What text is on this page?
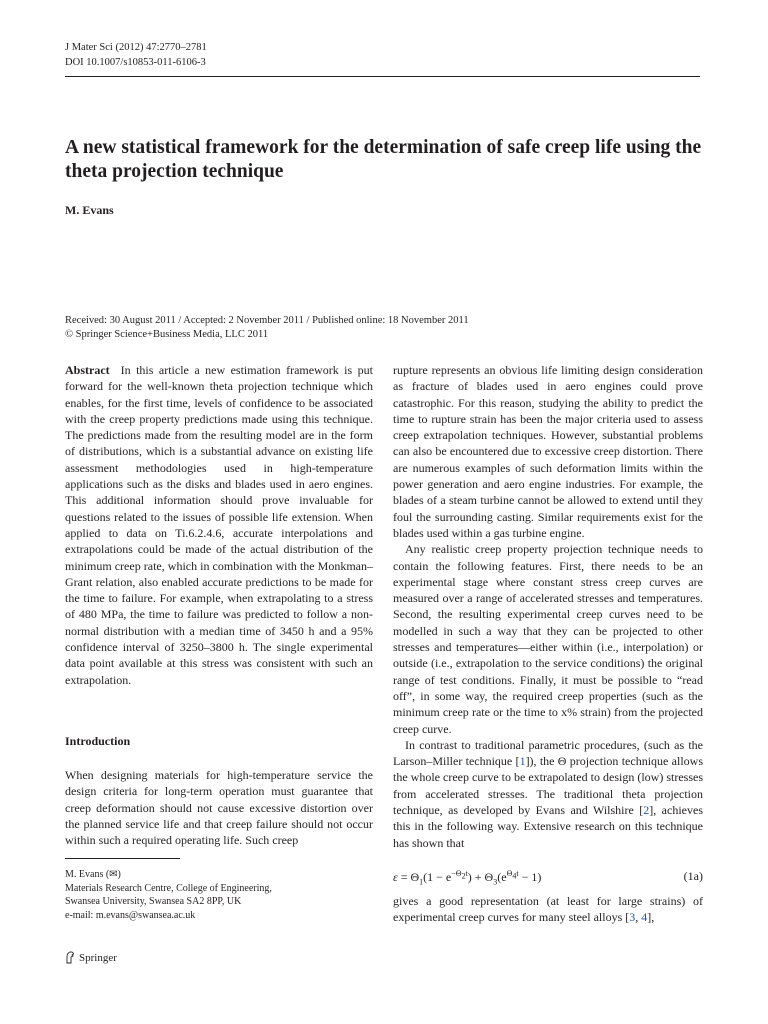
J Mater Sci (2012) 47:2770–2781
DOI 10.1007/s10853-011-6106-3
A new statistical framework for the determination of safe creep life using the theta projection technique
M. Evans
Received: 30 August 2011 / Accepted: 2 November 2011 / Published online: 18 November 2011
© Springer Science+Business Media, LLC 2011

Abstract In this article a new estimation framework is put forward for the well-known theta projection technique which enables, for the first time, levels of confidence to be associated with the creep property predictions made using this technique. The predictions made from the resulting model are in the form of distributions, which is a substantial advance on existing life assessment methodologies used in high-temperature applications such as the disks and blades used in aero engines. This additional information should prove invaluable for questions related to the issues of possible life extension. When applied to data on Ti.6.2.4.6, accurate interpolations and extrapolations could be made of the actual distribution of the minimum creep rate, which in combination with the Monkman–Grant relation, also enabled accurate predictions to be made for the time to failure. For example, when extrapolating to a stress of 480 MPa, the time to failure was predicted to follow a non-normal distribution with a median time of 3450 h and a 95% confidence interval of 3250–3800 h. The single experimental data point available at this stress was consistent with such an extrapolation.

Introduction

When designing materials for high-temperature service the design criteria for long-term operation must guarantee that creep deformation should not cause excessive distortion over the planned service life and that creep failure should not occur within such a required operating life. Such creep

M. Evans (✉)
Materials Research Centre, College of Engineering,
Swansea University, Swansea SA2 8PP, UK
e-mail: m.evans@swansea.ac.uk
Springer

rupture represents an obvious life limiting design consideration as fracture of blades used in aero engines could prove catastrophic. For this reason, studying the ability to predict the time to rupture strain has been the major criteria used to assess creep extrapolation techniques. However, substantial problems can also be encountered due to excessive creep distortion. There are numerous examples of such deformation limits within the power generation and aero engine industries. For example, the blades of a steam turbine cannot be allowed to extend until they foul the surrounding casting. Similar requirements exist for the blades used within a gas turbine engine.

Any realistic creep property projection technique needs to contain the following features. First, there needs to be an experimental stage where constant stress creep curves are measured over a range of accelerated stresses and temperatures. Second, the resulting experimental creep curves need to be modelled in such a way that they can be projected to other stresses and temperatures—either within (i.e., interpolation) or outside (i.e., extrapolation to the service conditions) the original range of test conditions. Finally, it must be possible to “read off”, in some way, the required creep properties (such as the minimum creep rate or the time to x% strain) from the projected creep curve.

In contrast to traditional parametric procedures, (such as the Larson–Miller technique [1]), the Θ projection technique allows the whole creep curve to be extrapolated to design (low) stresses from accelerated stresses. The traditional theta projection technique, as developed by Evans and Wilshire [2], achieves this in the following way. Extensive research on this technique has shown that

$\varepsilon = \Theta_1(1 - e^{-\Theta_2t}) + \Theta_3(e^{\Theta_4t} - 1)$	(1a)

gives a good representation (at least for large strains) of experimental creep curves for many steel alloys [3, 4],
